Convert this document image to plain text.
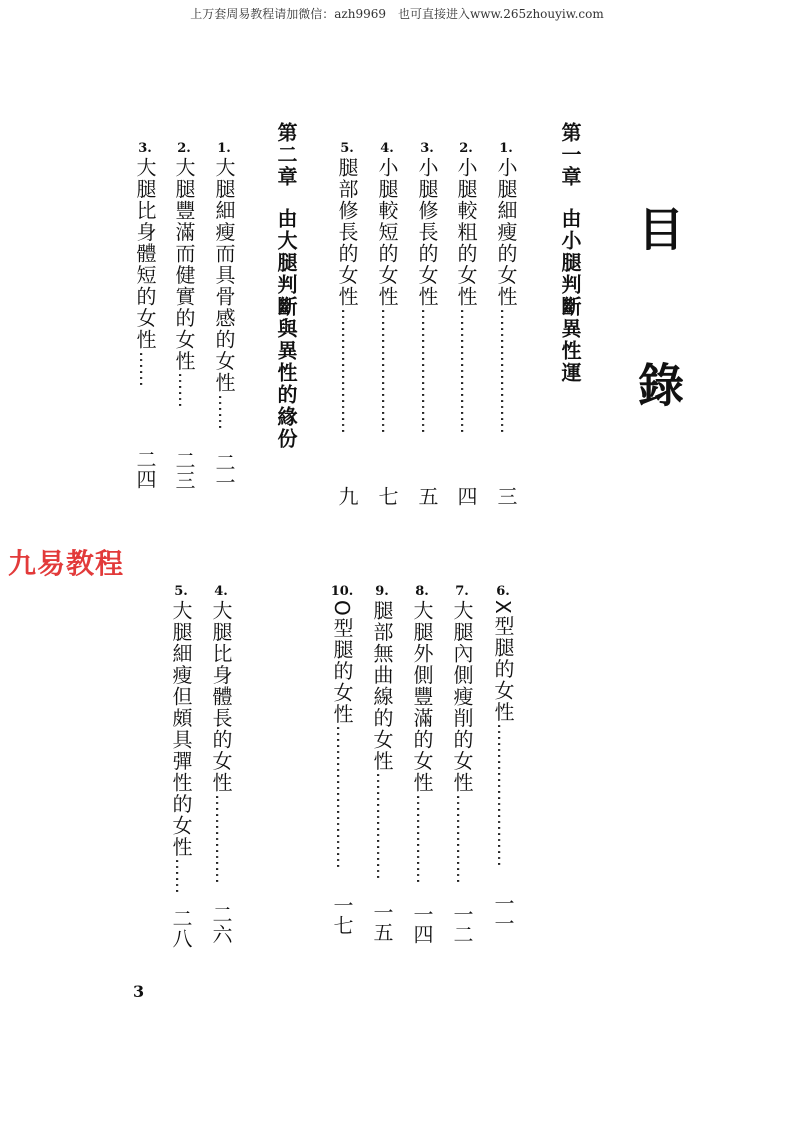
上万套周易教程请加微信：azh9969　也可直接进入www.265zhouyiw.com
目錄
第一章由小腿判斷異性運
第二章由大腿判斷與異性的緣份
1.
小腿細瘦的女性
…………………
三
2.
小腿較粗的女性
…………………
四
3.
小腿修長的女性
…………………
五
4.
小腿較短的女性
…………………
七
5.
腿部修長的女性
…………………
九
1.
大腿細瘦而具骨感的女性
……
二一
2.
大腿豐滿而健實的女性
……
二三
3.
大腿比身體短的女性
……
二四
6.
X型腿的女性
……………………
一一
7.
大腿內側瘦削的女性
……………
一二
8.
大腿外側豐滿的女性
……………
一四
9.
腿部無曲線的女性
………………
一五
10.
O型腿的女性
……………………
一七
4.
大腿比身體長的女性
……………
二六
5.
大腿細瘦但頗具彈性的女性
……
二八
九易教程
3
